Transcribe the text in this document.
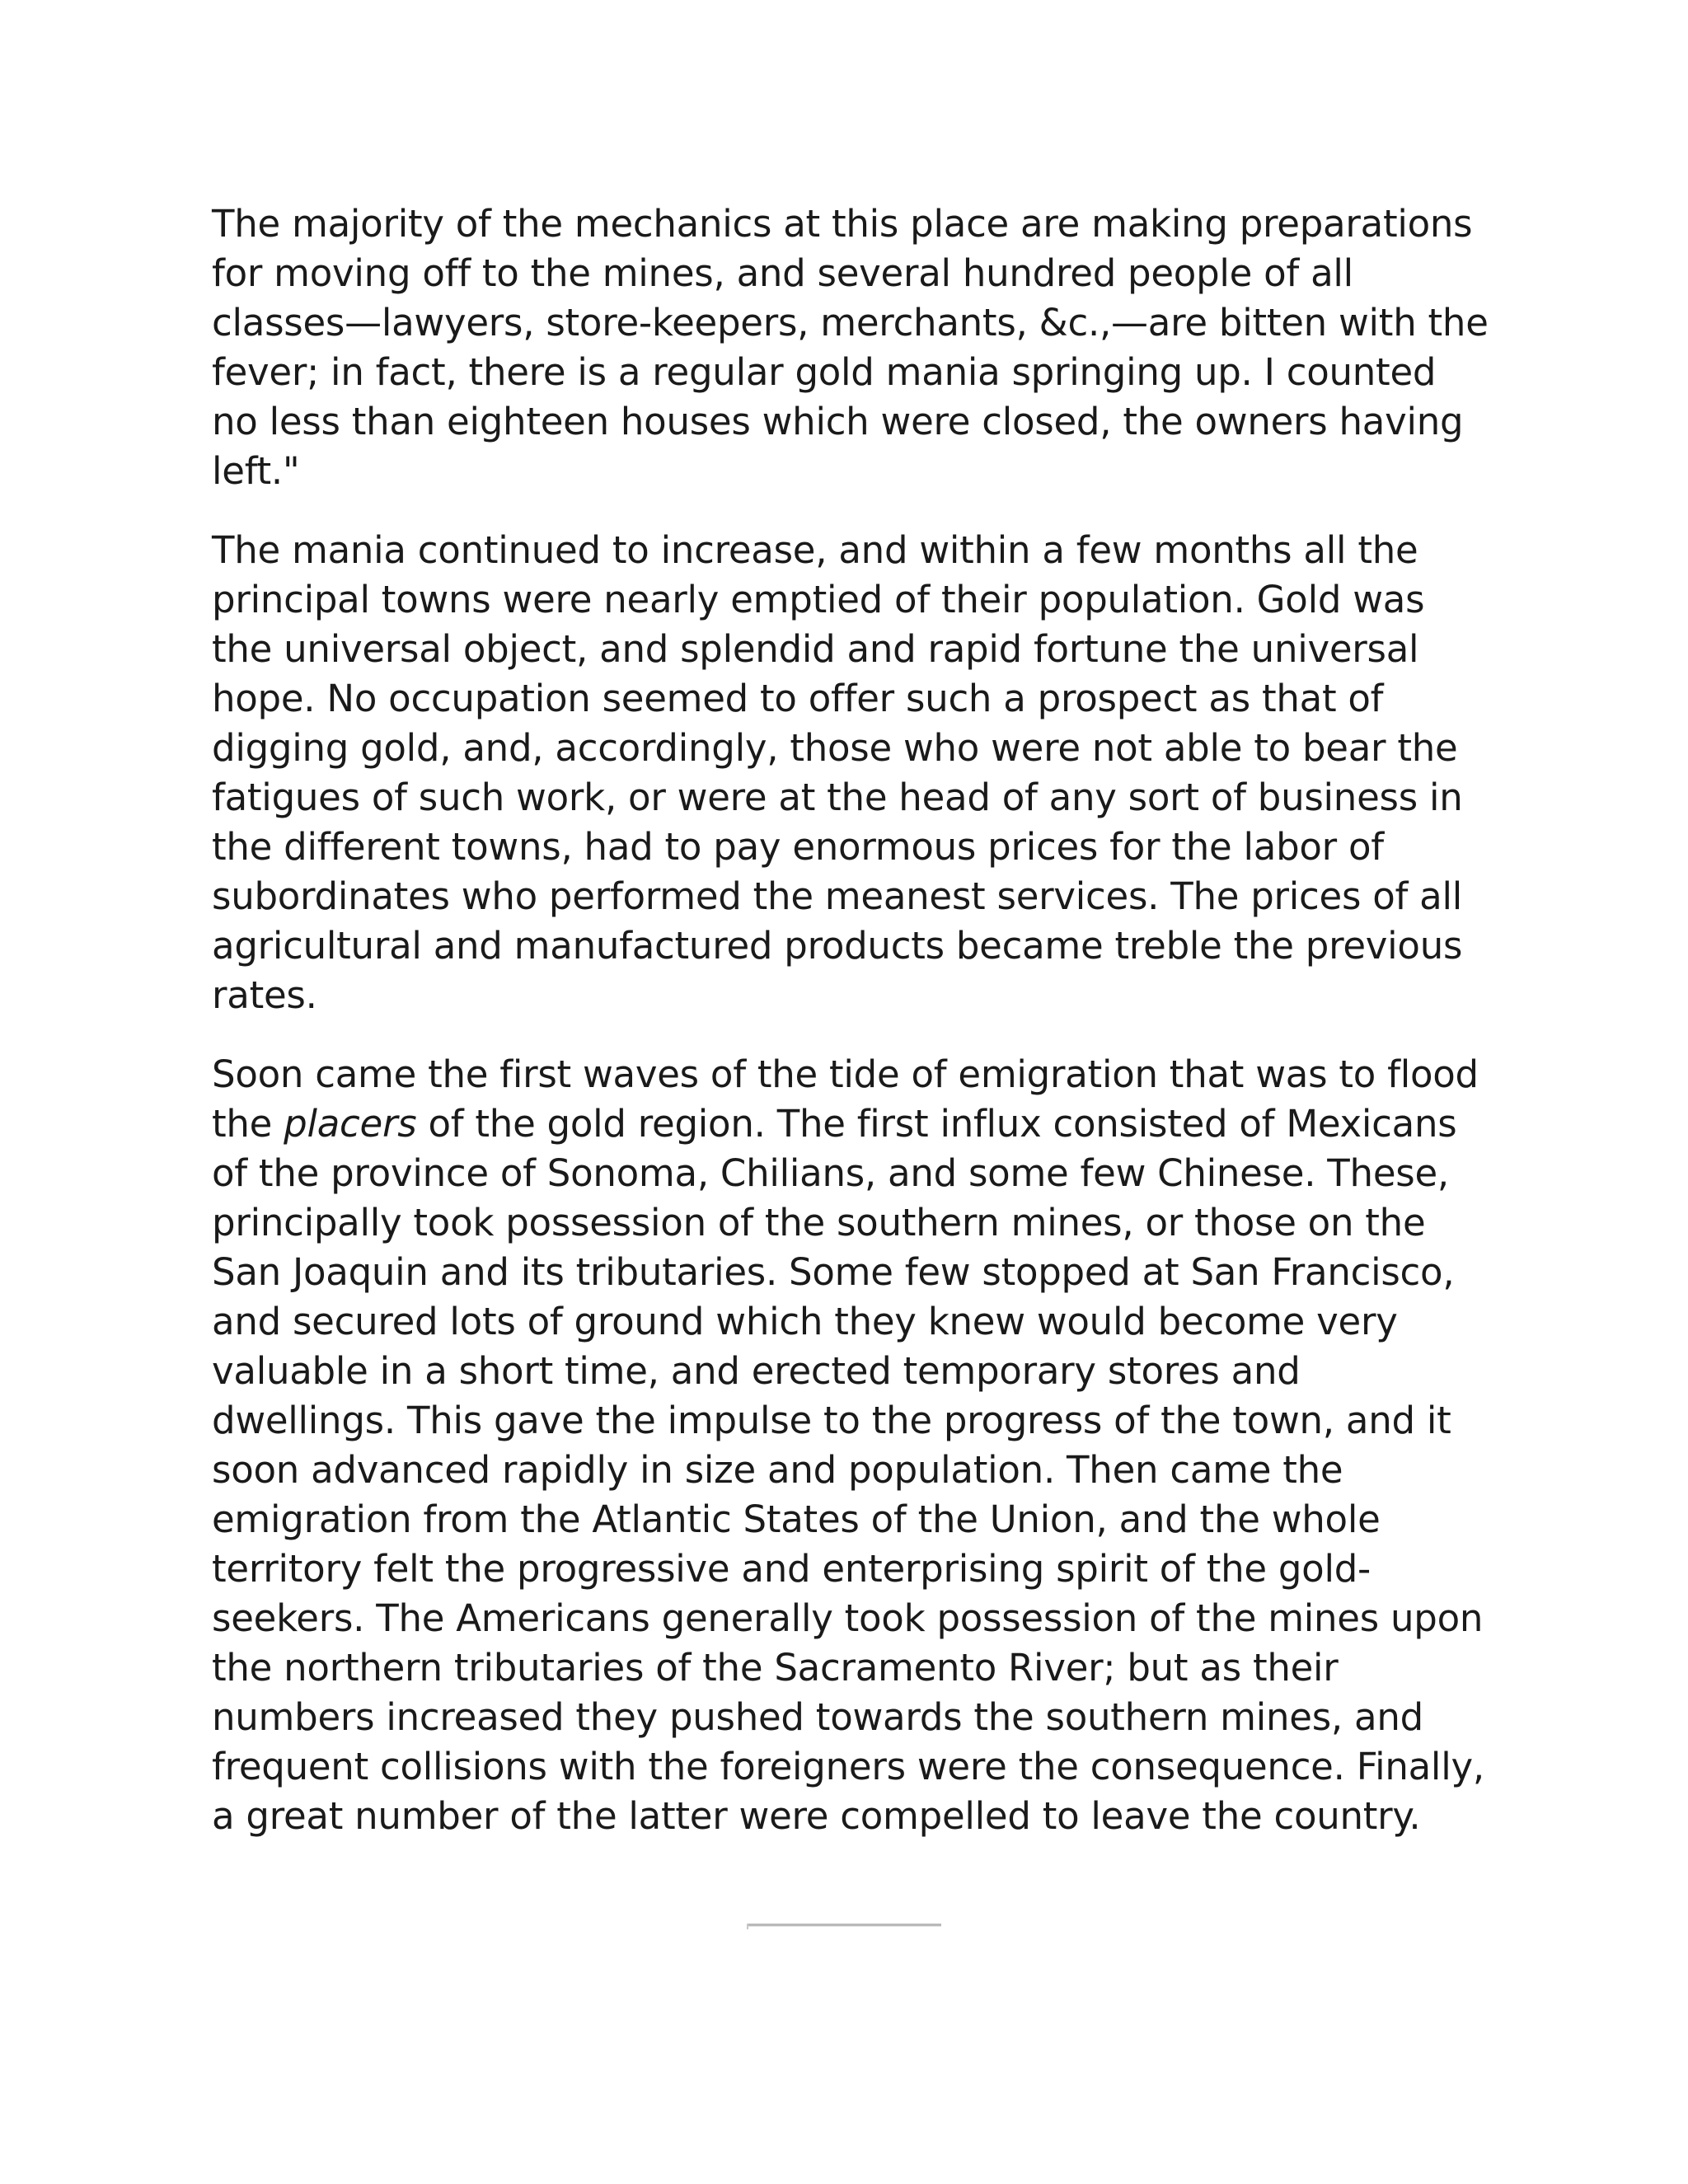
The majority of the mechanics at this place are making preparations
for moving off to the mines, and several hundred people of all
classes—lawyers, store-keepers, merchants, &c.,—are bitten with the
fever; in fact, there is a regular gold mania springing up. I counted
no less than eighteen houses which were closed, the owners having
left."

The mania continued to increase, and within a few months all the
principal towns were nearly emptied of their population. Gold was
the universal object, and splendid and rapid fortune the universal
hope. No occupation seemed to offer such a prospect as that of
digging gold, and, accordingly, those who were not able to bear the
fatigues of such work, or were at the head of any sort of business in
the different towns, had to pay enormous prices for the labor of
subordinates who performed the meanest services. The prices of all
agricultural and manufactured products became treble the previous
rates.

Soon came the first waves of the tide of emigration that was to flood
the placers of the gold region. The first influx consisted of Mexicans
of the province of Sonoma, Chilians, and some few Chinese. These,
principally took possession of the southern mines, or those on the
San Joaquin and its tributaries. Some few stopped at San Francisco,
and secured lots of ground which they knew would become very
valuable in a short time, and erected temporary stores and
dwellings. This gave the impulse to the progress of the town, and it
soon advanced rapidly in size and population. Then came the
emigration from the Atlantic States of the Union, and the whole
territory felt the progressive and enterprising spirit of the gold-
seekers. The Americans generally took possession of the mines upon
the northern tributaries of the Sacramento River; but as their
numbers increased they pushed towards the southern mines, and
frequent collisions with the foreigners were the consequence. Finally,
a great number of the latter were compelled to leave the country.
